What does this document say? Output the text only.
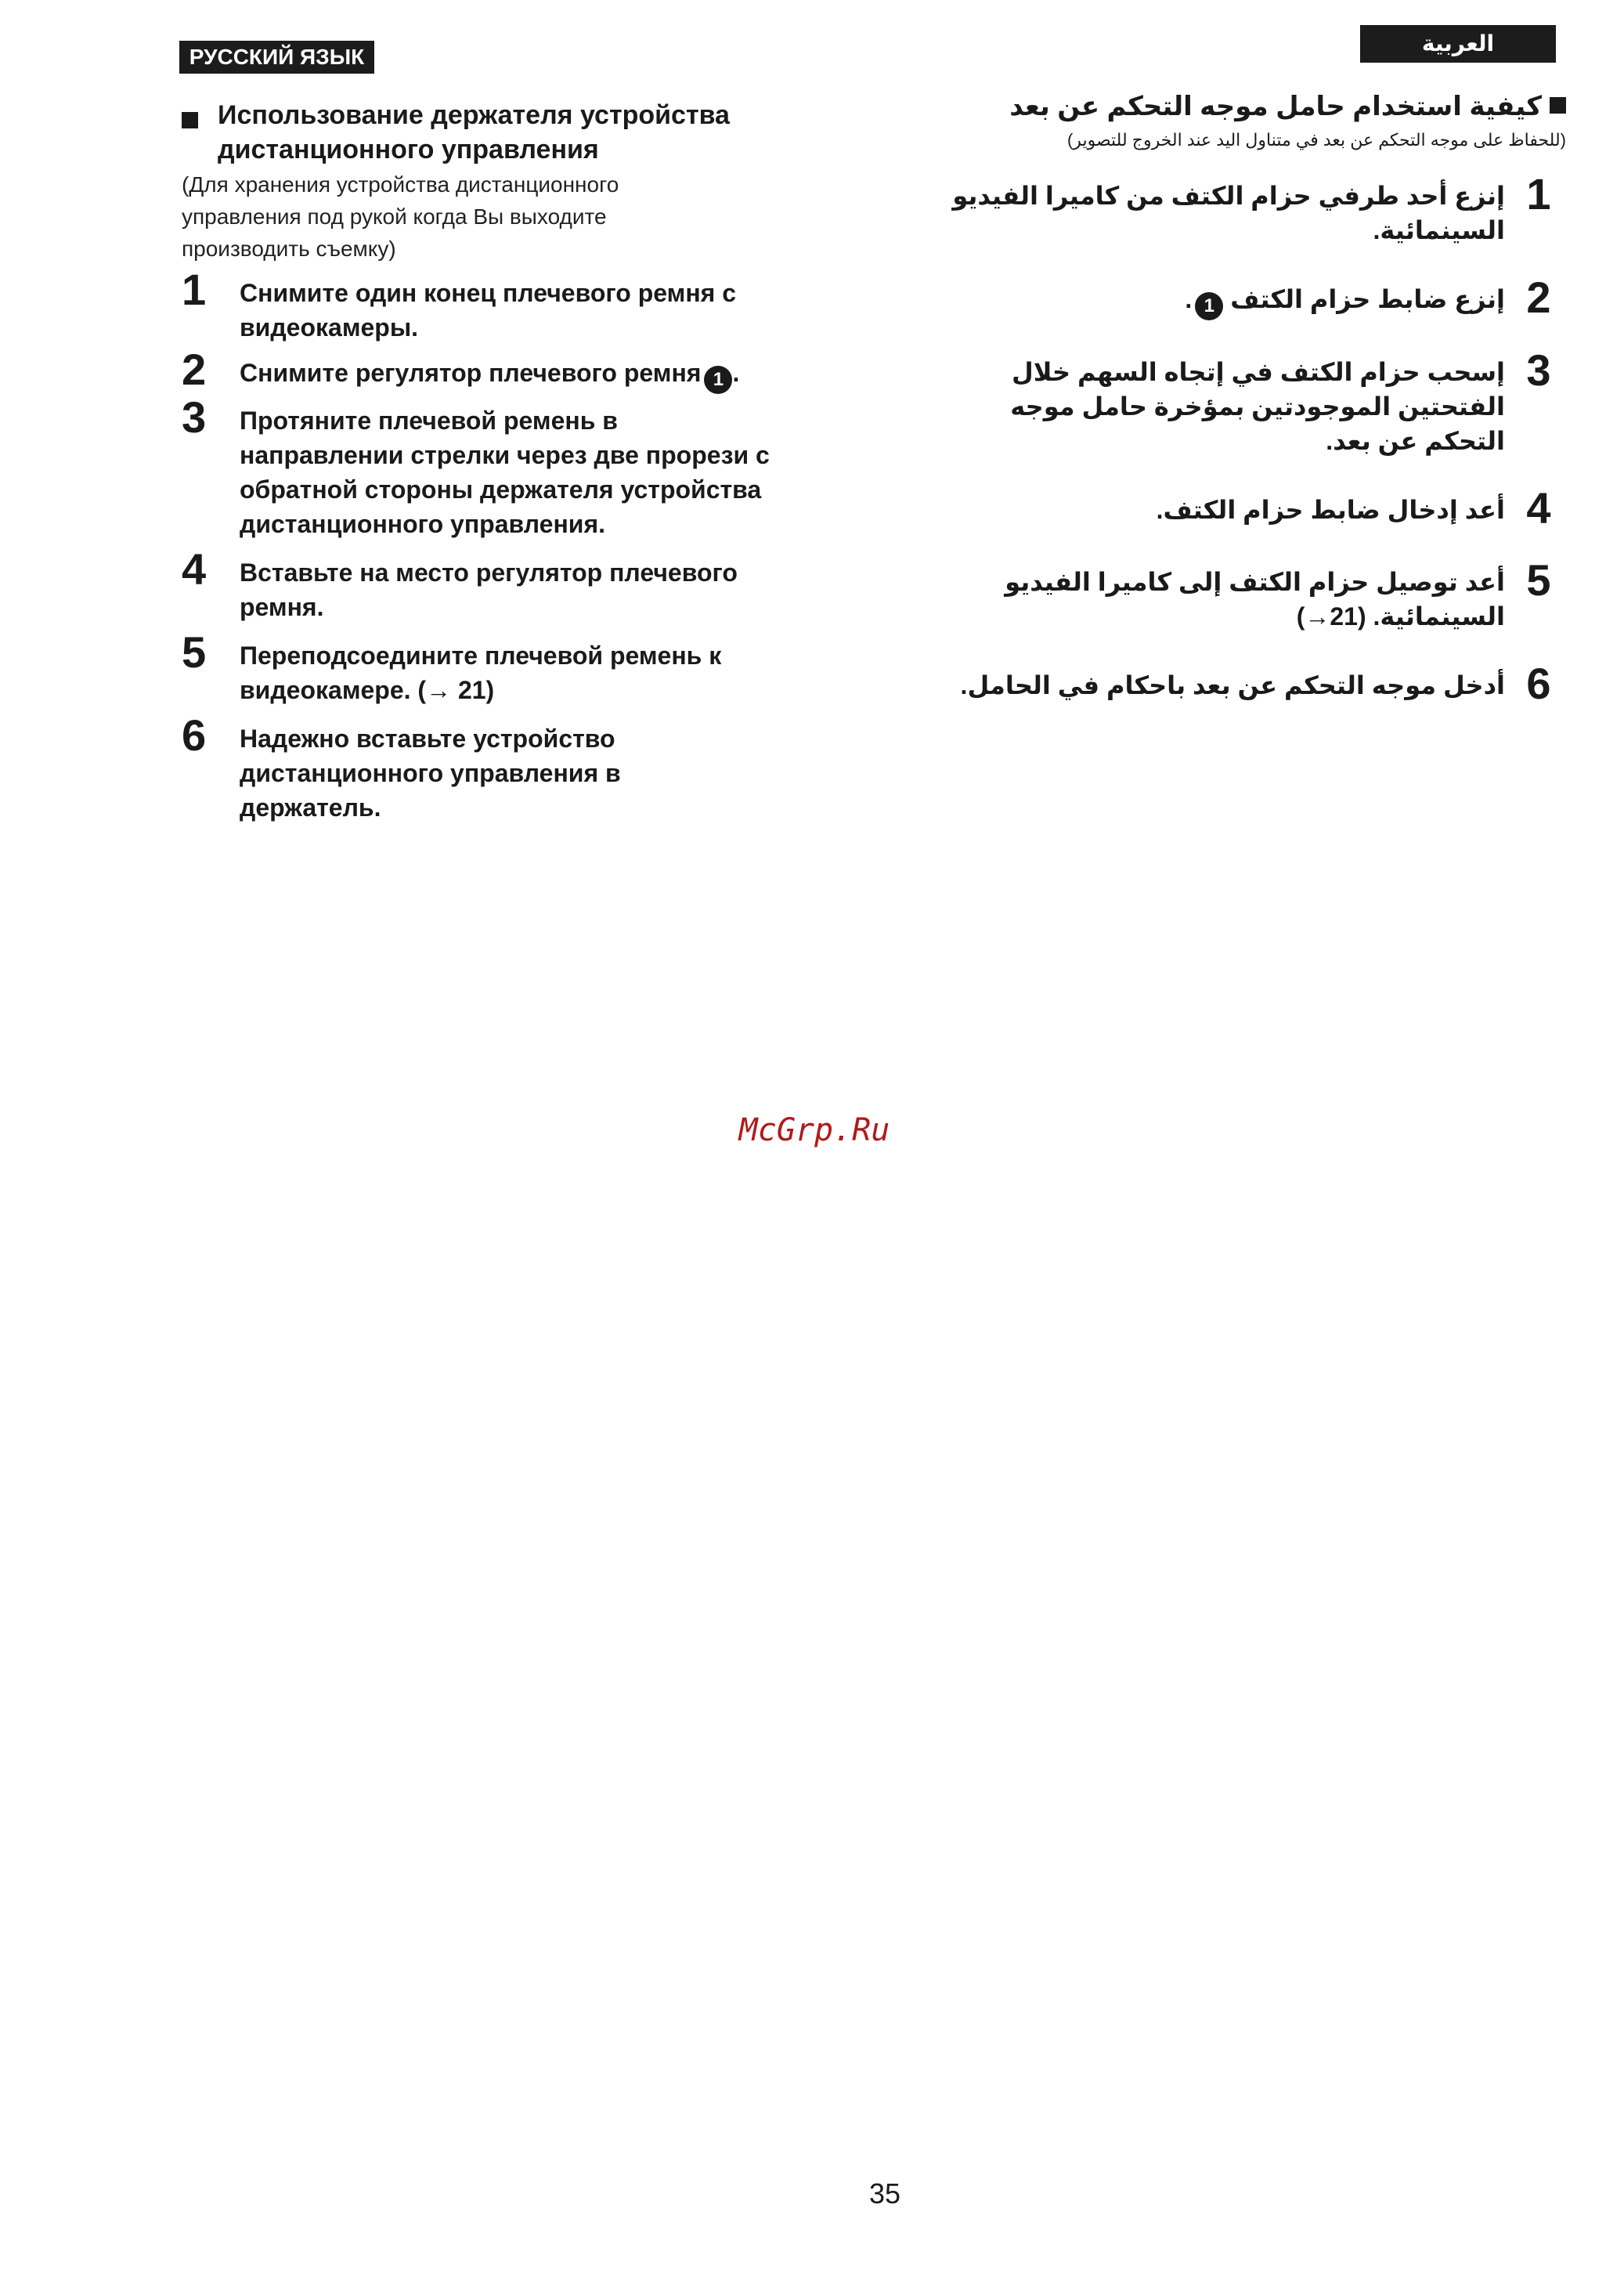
РУССКИЙ ЯЗЫК
العربية
Использование держателя устройства дистанционного управления
(Для хранения устройства дистанционного управления под рукой когда Вы выходите производить съемку)
1	Снимите один конец плечевого ремня с видеокамеры.
2	Снимите регулятор плечевого ремня 1 .
3	Протяните плечевой ремень в направлении стрелки через две прорези с обратной стороны держателя устройства дистанционного управления.
4	Вставьте на место регулятор плечевого ремня.
5	Переподсоедините плечевой ремень к видеокамере. (→ 21)
6	Надежно вставьте устройство дистанционного управления в держатель.
كيفية استخدام حامل موجه التحكم عن بعد
(للحفاظ على موجه التحكم عن بعد في متناول اليد عند الخروج للتصوير)
1
إنزع أحد طرفي حزام الكتف من كاميرا الفيديو السينمائية.
2
إنزع ضابط حزام الكتف 1.
3
إسحب حزام الكتف في إتجاه السهم خلال الفتحتين الموجودتين بمؤخرة حامل موجه التحكم عن بعد.
4
أعد إدخال ضابط حزام الكتف.
5
أعد توصيل حزام الكتف إلى كاميرا الفيديو السينمائية. (21→)
6
أدخل موجه التحكم عن بعد باحكام في الحامل.
McGrp.Ru
35
